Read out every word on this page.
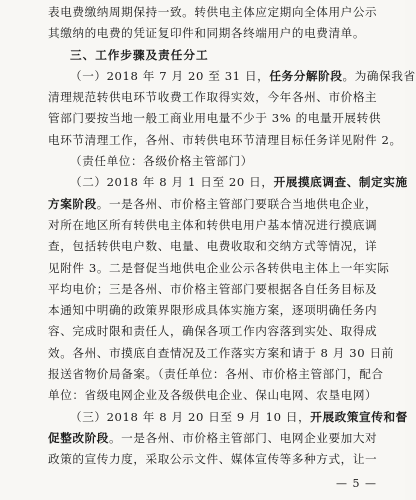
表电费缴纳周期保持一致。转供电主体应定期向全体用户公示
其缴纳的电费的凭证复印件和同期各终端用户的电费清单。
三、工作步骤及责任分工
（一）2018 年 7 月 20 至 31 日，任务分解阶段。为确保我省
清理规范转供电环节收费工作取得实效，今年各州、市价格主
管部门要按当地一般工商业用电量不少于 3% 的电量开展转供
电环节清理工作，各州、市转供电环节清理目标任务详见附件 2。
（责任单位：各级价格主管部门）
（二）2018 年 8 月 1 日至 20 日，开展摸底调查、制定实施
方案阶段。一是各州、市价格主管部门要联合当地供电企业，
对所在地区所有转供电主体和转供电用户基本情况进行摸底调
查，包括转供电户数、电量、电费收取和交纳方式等情况，详
见附件 3。二是督促当地供电企业公示各转供电主体上一年实际
平均电价；三是各州、市价格主管部门要根据各自任务目标及
本通知中明确的政策界限形成具体实施方案，逐项明确任务内
容、完成时限和责任人，确保各项工作内容落到实处、取得成
效。各州、市摸底自查情况及工作落实方案和请于 8 月 30 日前
报送省物价局备案。（责任单位：各州、市价格主管部门，配合
单位：省级电网企业及各级供电企业、保山电网、农垦电网）
（三）2018 年 8 月 20 日至 9 月 10 日，开展政策宣传和督
促整改阶段。一是各州、市价格主管部门、电网企业要加大对
政策的宣传力度，采取公示文件、媒体宣传等多种方式，让一
— 5 —
